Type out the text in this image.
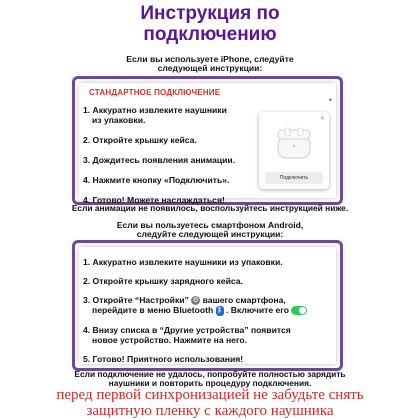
Инструкция по
подключению
Если вы используете iPhone, следуйте
следующей инструкции:
СТАНДАРТНОЕ ПОДКЛЮЧЕНИЕ
•
1. Аккуратно извлеките наушники
из упаковки.
2. Откройте крышку кейса.
3. Дождитесь появления анимации.
4. Нажмите кнопку «Подключить».
4. Готово! Можете наслаждаться!
✕
Подключить
Если анимации не появилось, воспользуйтесь инструкцией ниже.
Если вы пользуетесь смартфоном Android,
следуйте следующей инструкции:
1. Аккуратно извлеките наушники из упаковки.
2. Откройте крышку зарядного кейса.
3. Откройте “Настройки” ⚙ вашего смартфона,
перейдите в меню Bluetooth ᛒ . Включите его
4. Внизу списка в “Другие устройства” появится
новое устройство. Нажмите на него.
5. Готово! Приятного использования!
Если подключение не удалось, попробуйте полностью зарядить
наушники и повторить процедуру подключения.
перед первой синхронизацией не забудьте снять
защитную пленку с каждого наушника
